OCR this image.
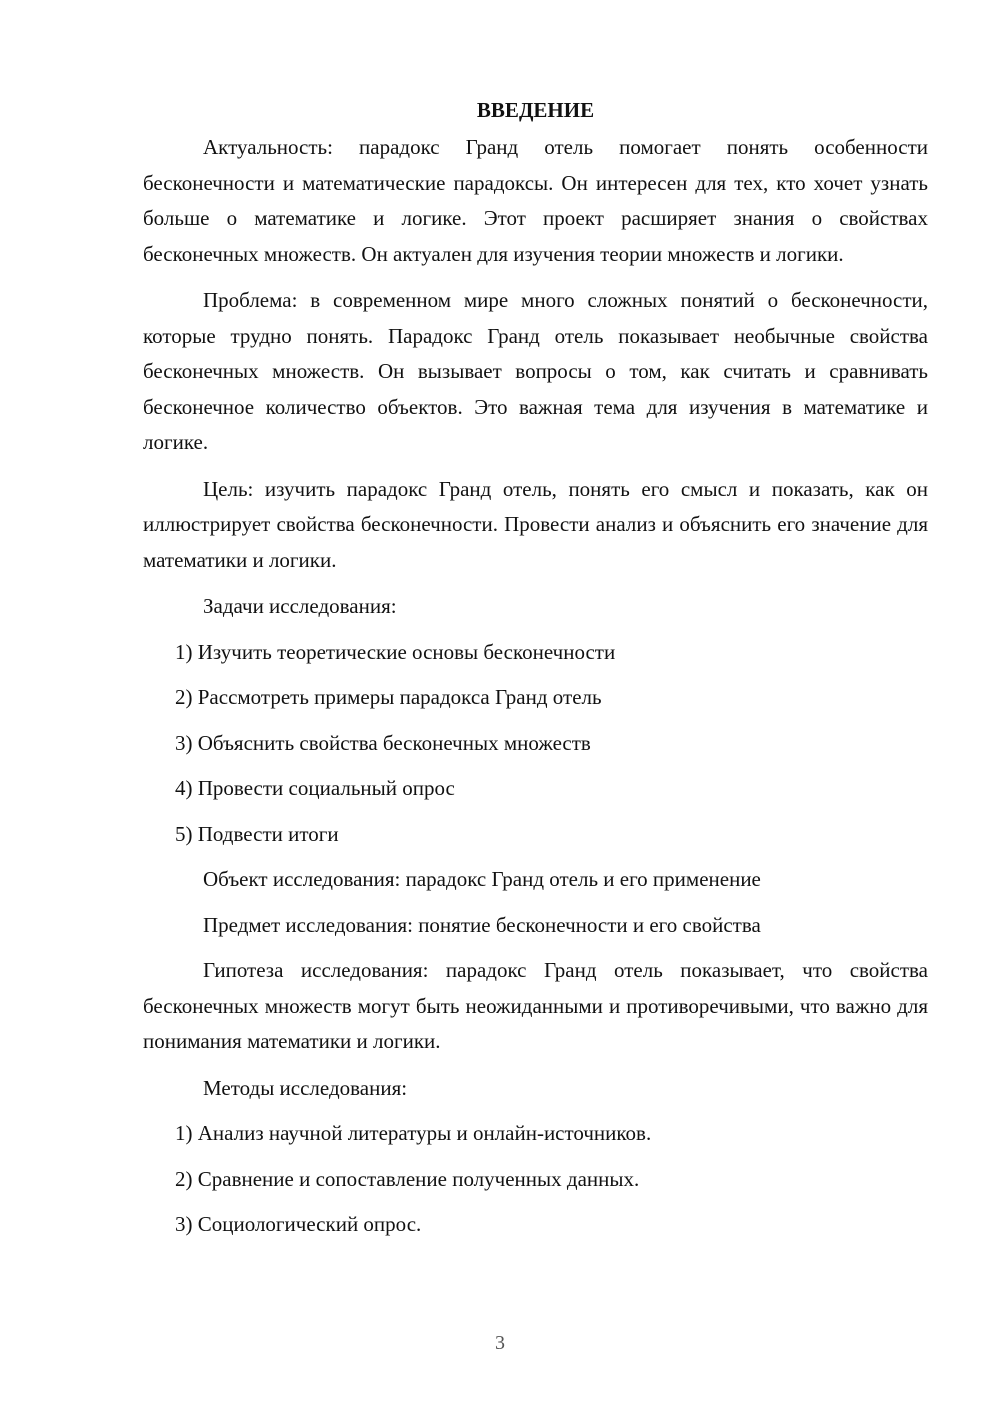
ВВЕДЕНИЕ

Актуальность: парадокс Гранд отель помогает понять особенности бесконечности и математические парадоксы. Он интересен для тех, кто хочет узнать больше о математике и логике. Этот проект расширяет знания о свойствах бесконечных множеств. Он актуален для изучения теории множеств и логики.

Проблема: в современном мире много сложных понятий о бесконечности, которые трудно понять. Парадокс Гранд отель показывает необычные свойства бесконечных множеств. Он вызывает вопросы о том, как считать и сравнивать бесконечное количество объектов. Это важная тема для изучения в математике и логике.

Цель: изучить парадокс Гранд отель, понять его смысл и показать, как он иллюстрирует свойства бесконечности. Провести анализ и объяснить его значение для математики и логики.

Задачи исследования:
1) Изучить теоретические основы бесконечности
2) Рассмотреть примеры парадокса Гранд отель
3) Объяснить свойства бесконечных множеств
4) Провести социальный опрос
5) Подвести итоги
Объект исследования: парадокс Гранд отель и его применение
Предмет исследования: понятие бесконечности и его свойства

Гипотеза исследования: парадокс Гранд отель показывает, что свойства бесконечных множеств могут быть неожиданными и противоречивыми, что важно для понимания математики и логики.

Методы исследования:
1) Анализ научной литературы и онлайн-источников.
2) Сравнение и сопоставление полученных данных.
3) Социологический опрос.
3
